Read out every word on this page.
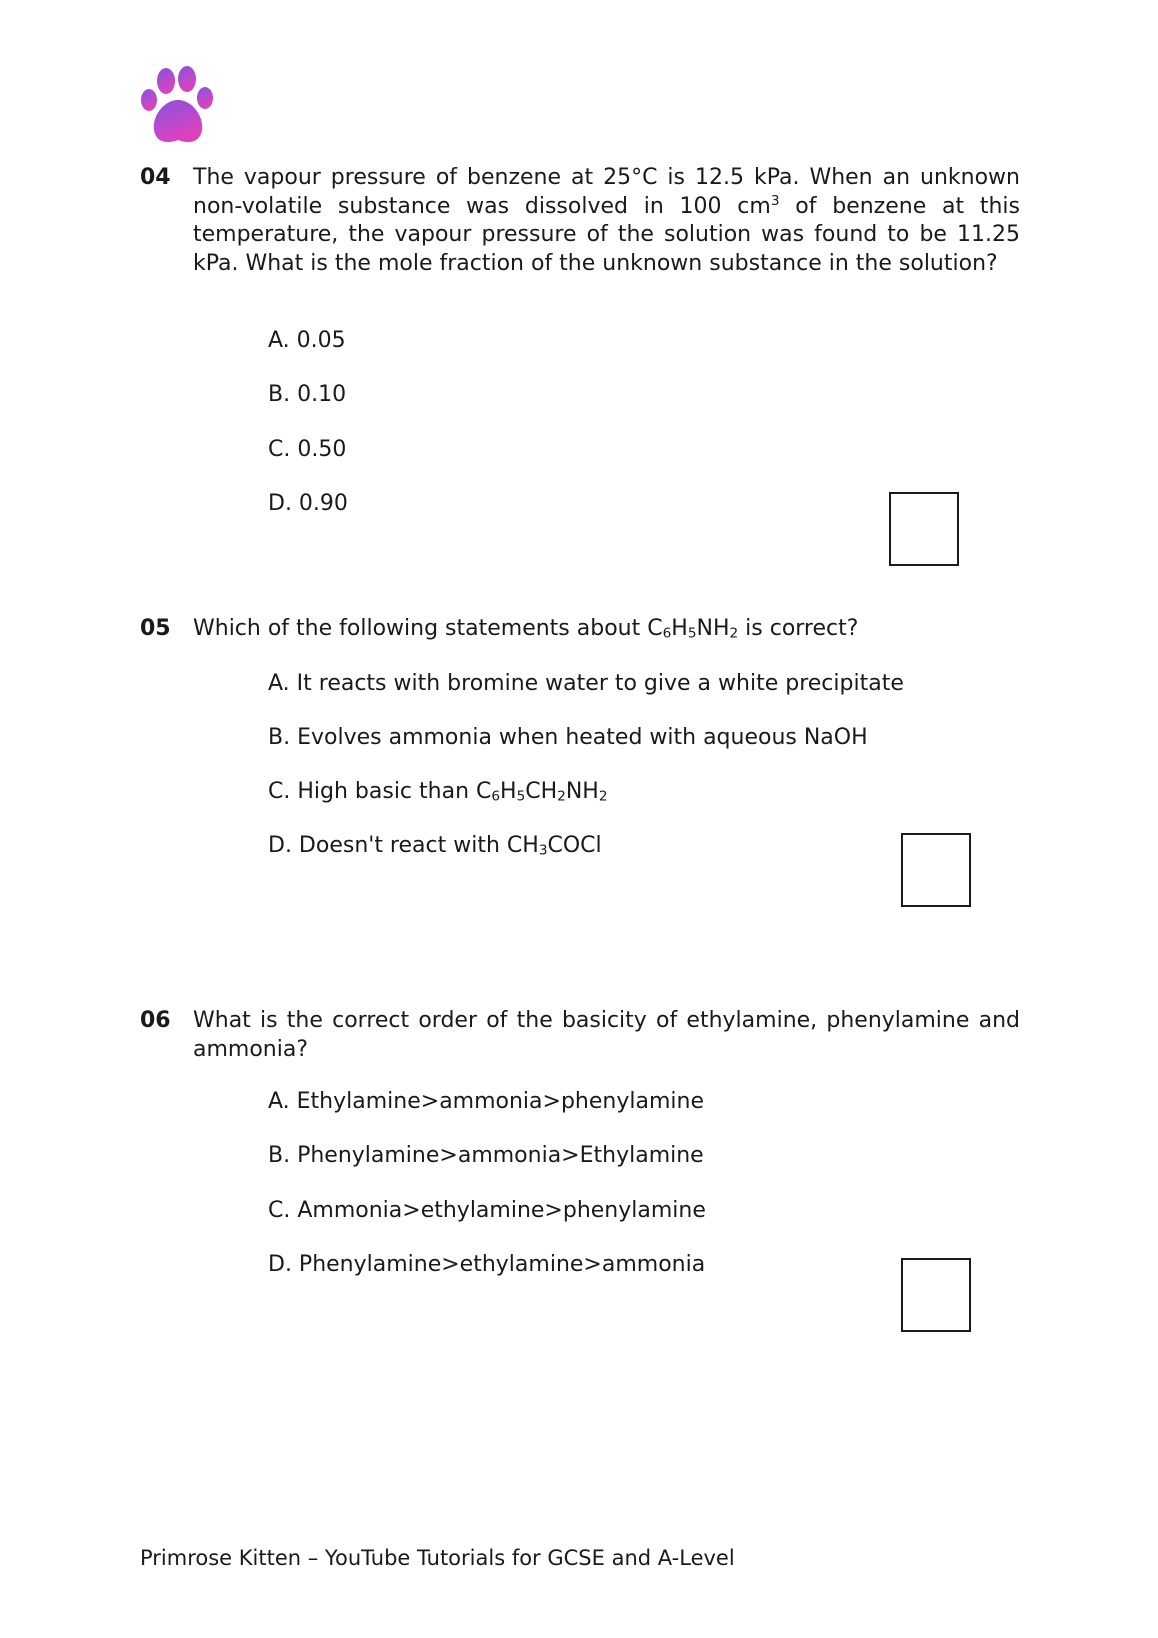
04 The vapour pressure of benzene at 25°C is 12.5 kPa. When an unknown non-volatile substance was dissolved in 100 $cm^3$ of benzene at this temperature, the vapour pressure of the solution was found to be 11.25 kPa. What is the mole fraction of the unknown substance in the solution?

A. 0.05
B. 0.10
C. 0.50
D. 0.90
05 Which of the following statements about $C_6H_5NH_2$ is correct?

A. It reacts with bromine water to give a white precipitate
B. Evolves ammonia when heated with aqueous NaOH
C. High basic than $C_6H_5CH_2NH_2$
D. Doesn't react with $CH_3COCl$
06 What is the correct order of the basicity of ethylamine, phenylamine and ammonia?

A. Ethylamine>ammonia>phenylamine
B. Phenylamine>ammonia>Ethylamine
C. Ammonia>ethylamine>phenylamine
D. Phenylamine>ethylamine>ammonia
Primrose Kitten – YouTube Tutorials for GCSE and A-Level
